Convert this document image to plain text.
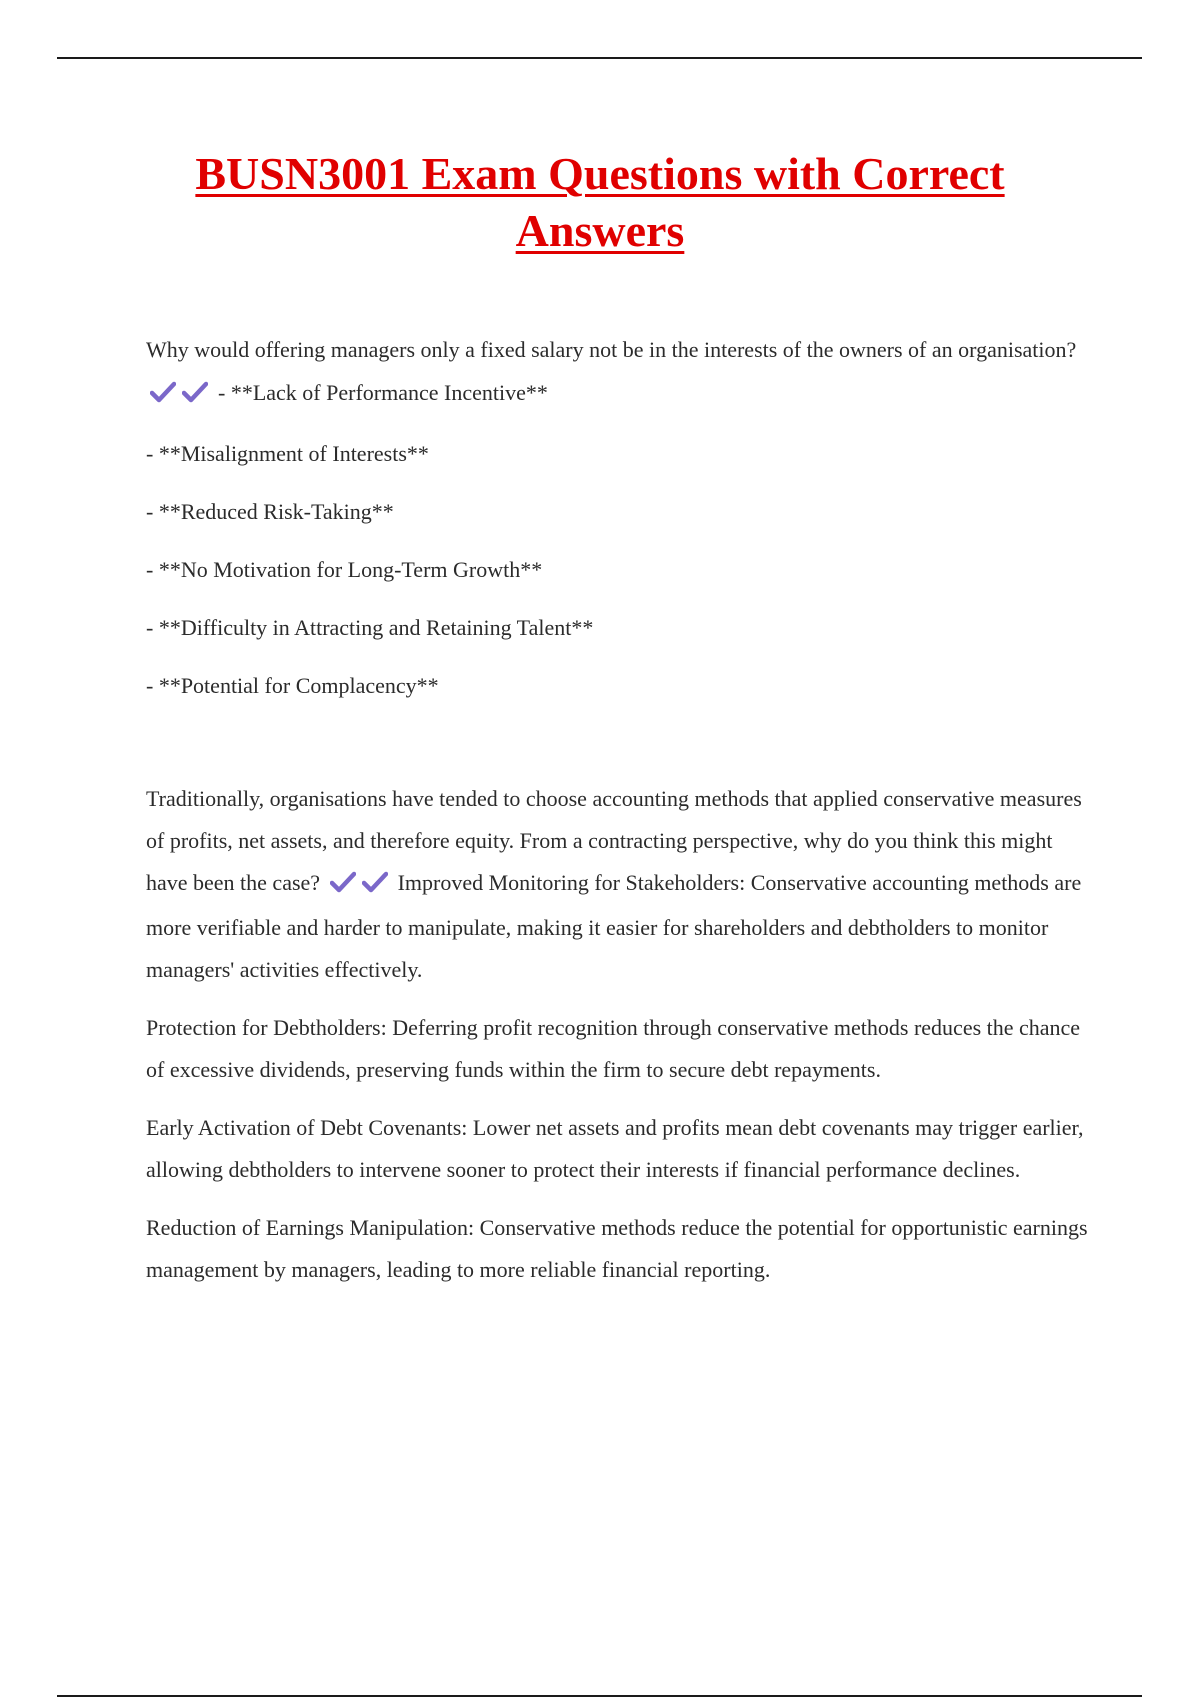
BUSN3001 Exam Questions with Correct
Answers

Why would offering managers only a fixed salary not be in the interests of the owners of an organisation?
- **Lack of Performance Incentive**

- **Misalignment of Interests**

- **Reduced Risk-Taking**

- **No Motivation for Long-Term Growth**

- **Difficulty in Attracting and Retaining Talent**

- **Potential for Complacency**

Traditionally, organisations have tended to choose accounting methods that applied conservative measures of profits, net assets, and therefore equity. From a contracting perspective, why do you think this might have been the case?	Improved Monitoring for Stakeholders: Conservative accounting methods are more verifiable and harder to manipulate, making it easier for shareholders and debtholders to monitor managers' activities effectively.

Protection for Debtholders: Deferring profit recognition through conservative methods reduces the chance of excessive dividends, preserving funds within the firm to secure debt repayments.

Early Activation of Debt Covenants: Lower net assets and profits mean debt covenants may trigger earlier, allowing debtholders to intervene sooner to protect their interests if financial performance declines.

Reduction of Earnings Manipulation: Conservative methods reduce the potential for opportunistic earnings management by managers, leading to more reliable financial reporting.
